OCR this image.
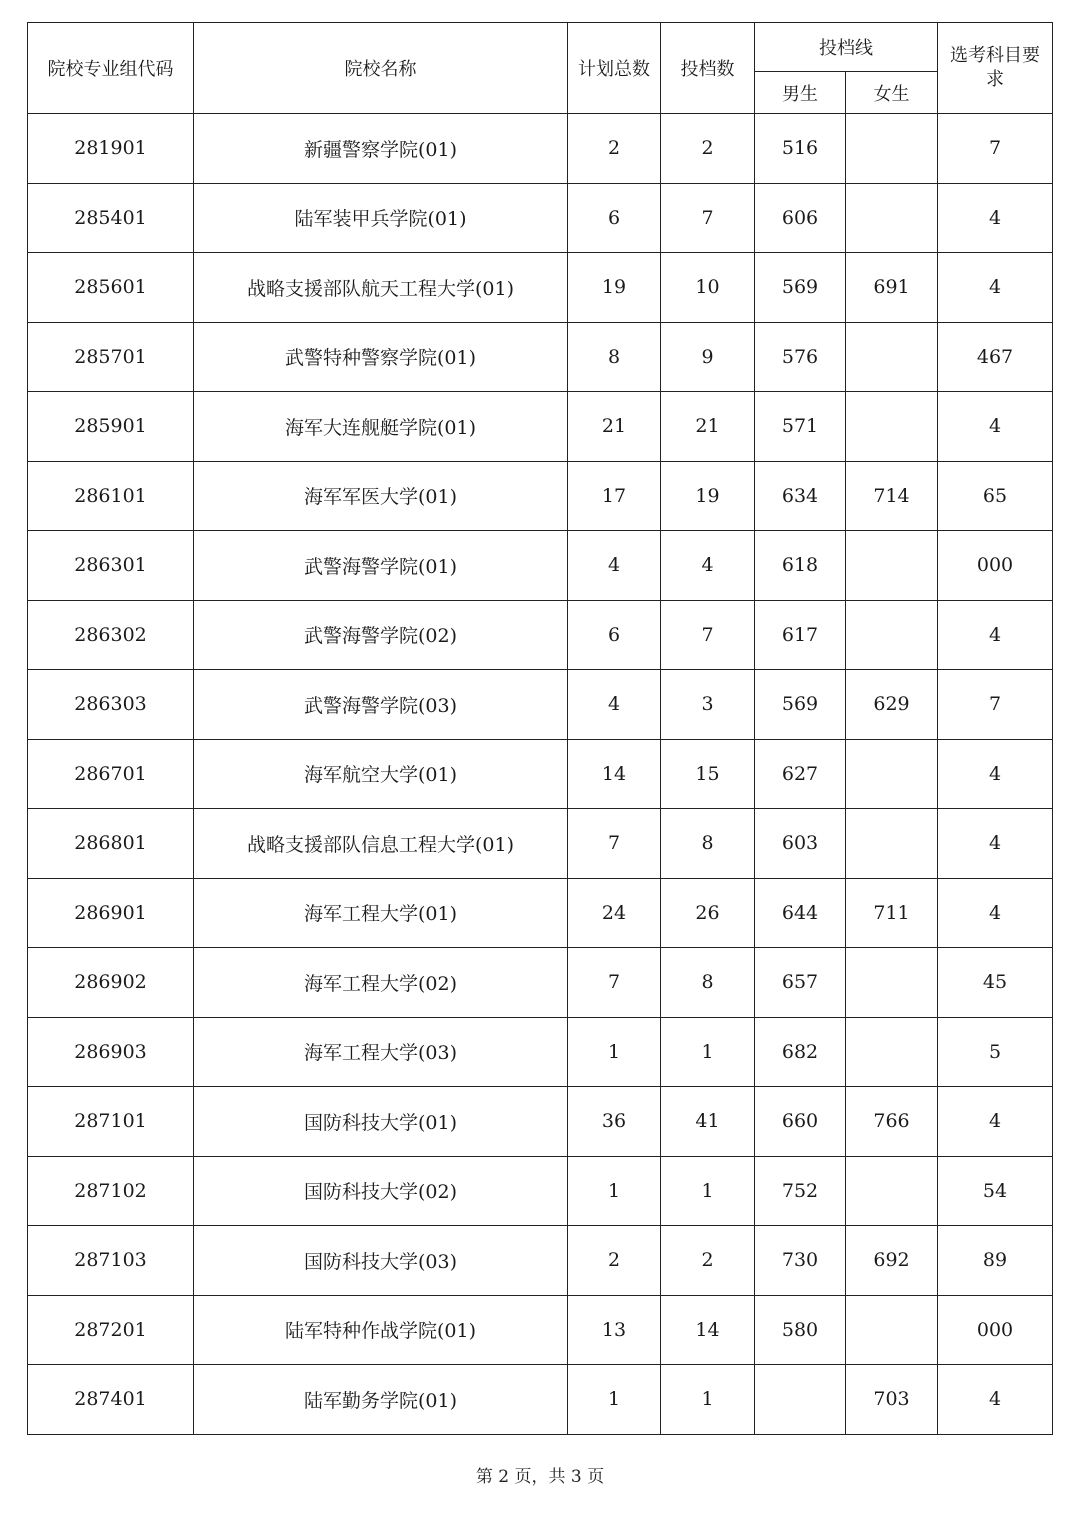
院校专业组代码	院校名称	计划总数	投档数	投档线		选考科目要求
				男生	女生	
281901	新疆警察学院(01)	2	2	516		7
285401	陆军装甲兵学院(01)	6	7	606		4
285601	战略支援部队航天工程大学(01)	19	10	569	691	4
285701	武警特种警察学院(01)	8	9	576		467
285901	海军大连舰艇学院(01)	21	21	571		4
286101	海军军医大学(01)	17	19	634	714	65
286301	武警海警学院(01)	4	4	618		000
286302	武警海警学院(02)	6	7	617		4
286303	武警海警学院(03)	4	3	569	629	7
286701	海军航空大学(01)	14	15	627		4
286801	战略支援部队信息工程大学(01)	7	8	603		4
286901	海军工程大学(01)	24	26	644	711	4
286902	海军工程大学(02)	7	8	657		45
286903	海军工程大学(03)	1	1	682		5
287101	国防科技大学(01)	36	41	660	766	4
287102	国防科技大学(02)	1	1	752		54
287103	国防科技大学(03)	2	2	730	692	89
287201	陆军特种作战学院(01)	13	14	580		000
287401	陆军勤务学院(01)	1	1		703	4
第 2 页，共 3 页
